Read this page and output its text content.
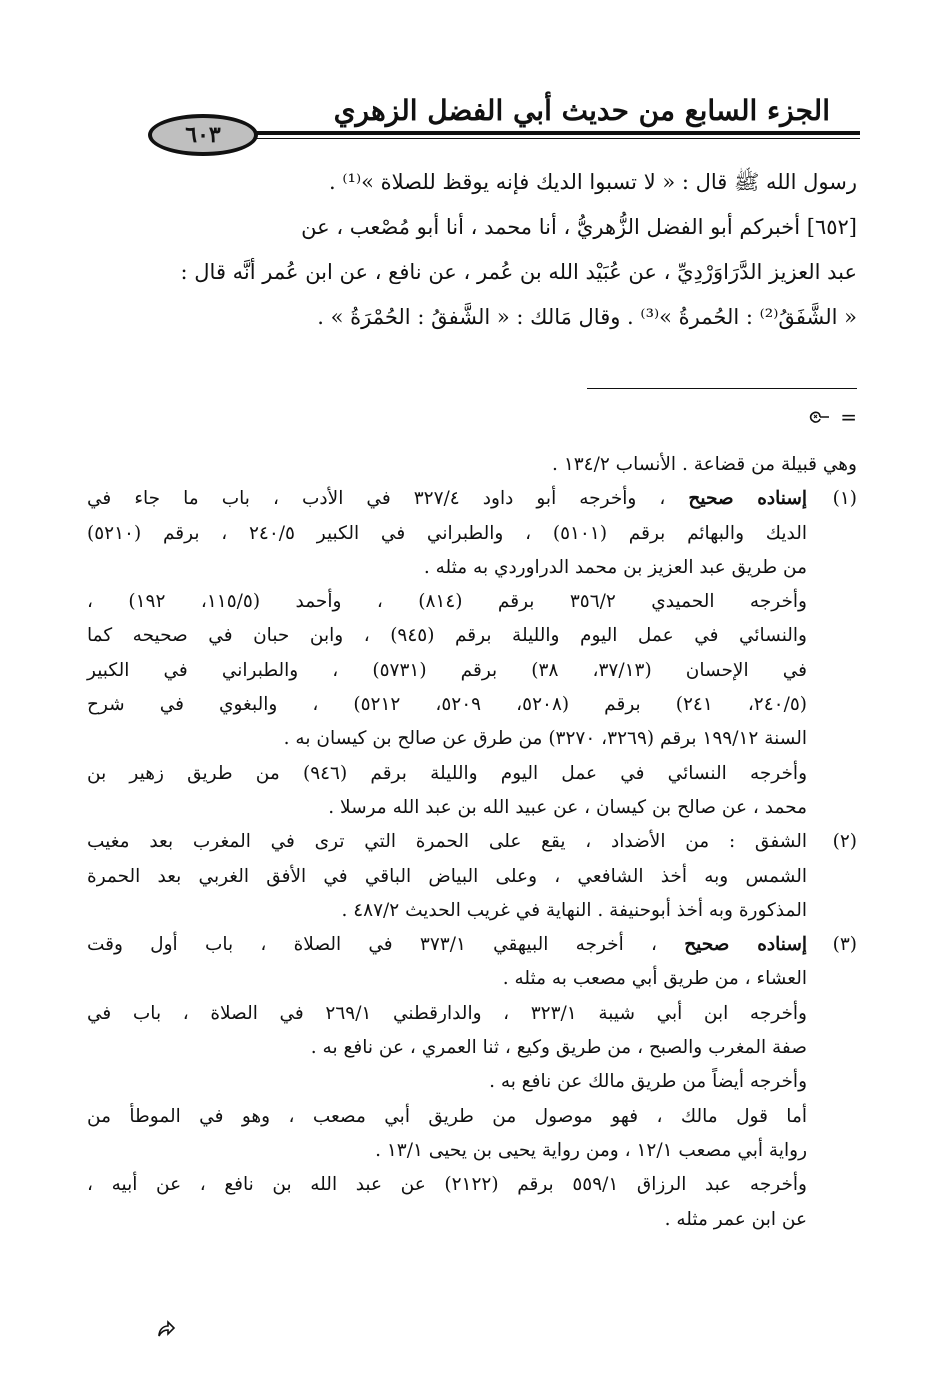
الجزء السابع من حديث أبي الفضل الزهري
٦٠٣

رسول الله ﷺ قال : « لا تسبوا الديك فإنه يوقظ للصلاة »⁽¹⁾ .

[٦٥٢] أخبركم أبو الفضل الزُّهريُّ ، أنا محمد ، أنا أبو مُصْعب ، عن

عبد العزيز الدَّرَاوَرْدِيِّ ، عن عُبَيْد الله بن عُمر ، عن نافع ، عن ابن عُمر أنَّه قال :

« الشَّفَقُ⁽²⁾ : الحُمرةُ »⁽³⁾ . وقال مَالك : « الشَّفقُ : الحُمْرَةُ » .

=

وهي قبيلة من قضاعة . الأنساب ١٣٤/٢ .

(١)

إسناده صحيح ، وأخرجه أبو داود ٣٢٧/٤ في الأدب ، باب ما جاء في

الديك والبهائم برقم (٥١٠١) ، والطبراني في الكبير ٢٤٠/٥ ، برقم (٥٢١٠)

من طريق عبد العزيز بن محمد الدراوردي به مثله .

وأخرجه الحميدي ٣٥٦/٢ برقم (٨١٤) ، وأحمد (١١٥/٥، ١٩٢) ،

والنسائي في عمل اليوم والليلة برقم (٩٤٥) ، وابن حبان في صحيحه كما

في الإحسان (٣٧/١٣، ٣٨) برقم (٥٧٣١) ، والطبراني في الكبير

(٢٤٠/٥، ٢٤١) برقم (٥٢٠٨، ٥٢٠٩، ٥٢١٢) ، والبغوي في شرح

السنة ١٩٩/١٢ برقم (٣٢٦٩، ٣٢٧٠) من طرق عن صالح بن كيسان به .

وأخرجه النسائي في عمل اليوم والليلة برقم (٩٤٦) من طريق زهير بن

محمد ، عن صالح بن كيسان ، عن عبيد الله بن عبد الله مرسلا .

(٢)

الشفق : من الأضداد ، يقع على الحمرة التي ترى في المغرب بعد مغيب

الشمس وبه أخذ الشافعي ، وعلى البياض الباقي في الأفق الغربي بعد الحمرة

المذكورة وبه أخذ أبوحنيفة . النهاية في غريب الحديث ٤٨٧/٢ .

(٣)

إسناده صحيح ، أخرجه البيهقي ٣٧٣/١ في الصلاة ، باب أول وقت

العشاء ، من طريق أبي مصعب به مثله .

وأخرجه ابن أبي شيبة ٣٢٣/١ ، والدارقطني ٢٦٩/١ في الصلاة ، باب في

صفة المغرب والصبح ، من طريق وكيع ، ثنا العمري ، عن نافع به .

وأخرجه أيضاً من طريق مالك عن نافع به .

أما قول مالك ، فهو موصول من طريق أبي مصعب ، وهو في الموطأ من

رواية أبي مصعب ١٢/١ ، ومن رواية يحيى بن يحيى ١٣/١ .

وأخرجه عبد الرزاق ٥٥٩/١ برقم (٢١٢٢) عن عبد الله بن نافع ، عن أبيه ،

عن ابن عمر مثله .
